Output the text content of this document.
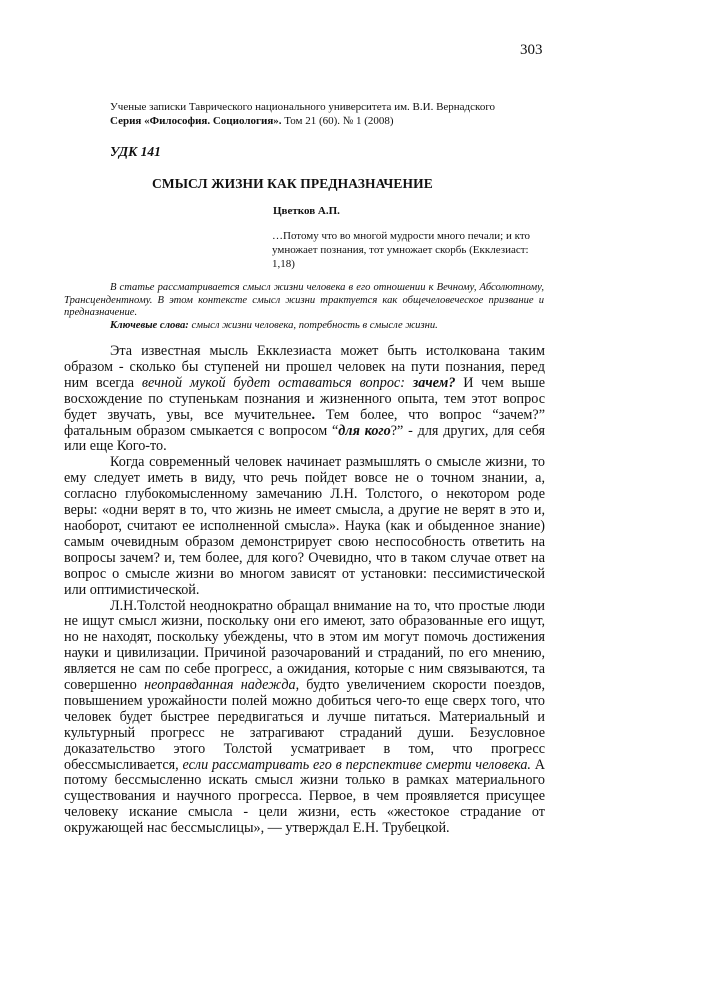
303
Ученые записки Таврического национального университета им. В.И. Вернадского
Серия «Философия. Социология». Том 21 (60). № 1 (2008)
УДК 141
СМЫСЛ ЖИЗНИ КАК ПРЕДНАЗНАЧЕНИЕ
Цветков А.П.
…Потому что во многой мудрости много печали; и кто умножает познания, тот умножает скорбь (Екклезиаст: 1,18)

В статье рассматривается смысл жизни человека в его отношении к Вечному, Абсолютному, Трансцендентному. В этом контексте смысл жизни трактуется как общечеловеческое призвание и предназначение.

Ключевые слова: смысл жизни человека, потребность в смысле жизни.

Эта известная мысль Екклезиаста может быть истолкована таким образом - сколько бы ступеней ни прошел человек на пути познания, перед ним всегда вечной мукой будет оставаться вопрос: зачем? И чем выше восхождение по ступенькам познания и жизненного опыта, тем этот вопрос будет звучать, увы, все мучительнее. Тем более, что вопрос “зачем?” фатальным образом смыкается с вопросом “для кого?” - для других, для себя или еще Кого-то.

Когда современный человек начинает размышлять о смысле жизни, то ему следует иметь в виду, что речь пойдет вовсе не о точном знании, а, согласно глубокомысленному замечанию Л.Н. Толстого, о некотором роде веры: «одни верят в то, что жизнь не имеет смысла, а другие не верят в это и, наоборот, считают ее исполненной смысла». Наука (как и обыденное знание) самым очевидным образом демонстрирует свою неспособность ответить на вопросы зачем? и, тем более, для кого? Очевидно, что в таком случае ответ на вопрос о смысле жизни во многом зависят от установки: пессимистической или оптимистической.

Л.Н.Толстой неоднократно обращал внимание на то, что простые люди не ищут смысл жизни, поскольку они его имеют, зато образованные его ищут, но не находят, поскольку убеждены, что в этом им могут помочь достижения науки и цивилизации. Причиной разочарований и страданий, по его мнению, является не сам по себе прогресс, а ожидания, которые с ним связываются, та совершенно неоправданная надежда, будто увеличением скорости поездов, повышением урожайности полей можно добиться чего-то еще сверх того, что человек будет быстрее передвигаться и лучше питаться. Материальный и культурный прогресс не затрагивают страданий души. Безусловное доказательство этого Толстой усматривает в том, что прогресс обессмысливается, если рассматривать его в перспективе смерти человека. А потому бессмысленно искать смысл жизни только в рамках материального существования и научного прогресса. Первое, в чем проявляется присущее человеку искание смысла - цели жизни, есть «жестокое страдание от окружающей нас бессмыслицы», — утверждал Е.Н. Трубецкой.
